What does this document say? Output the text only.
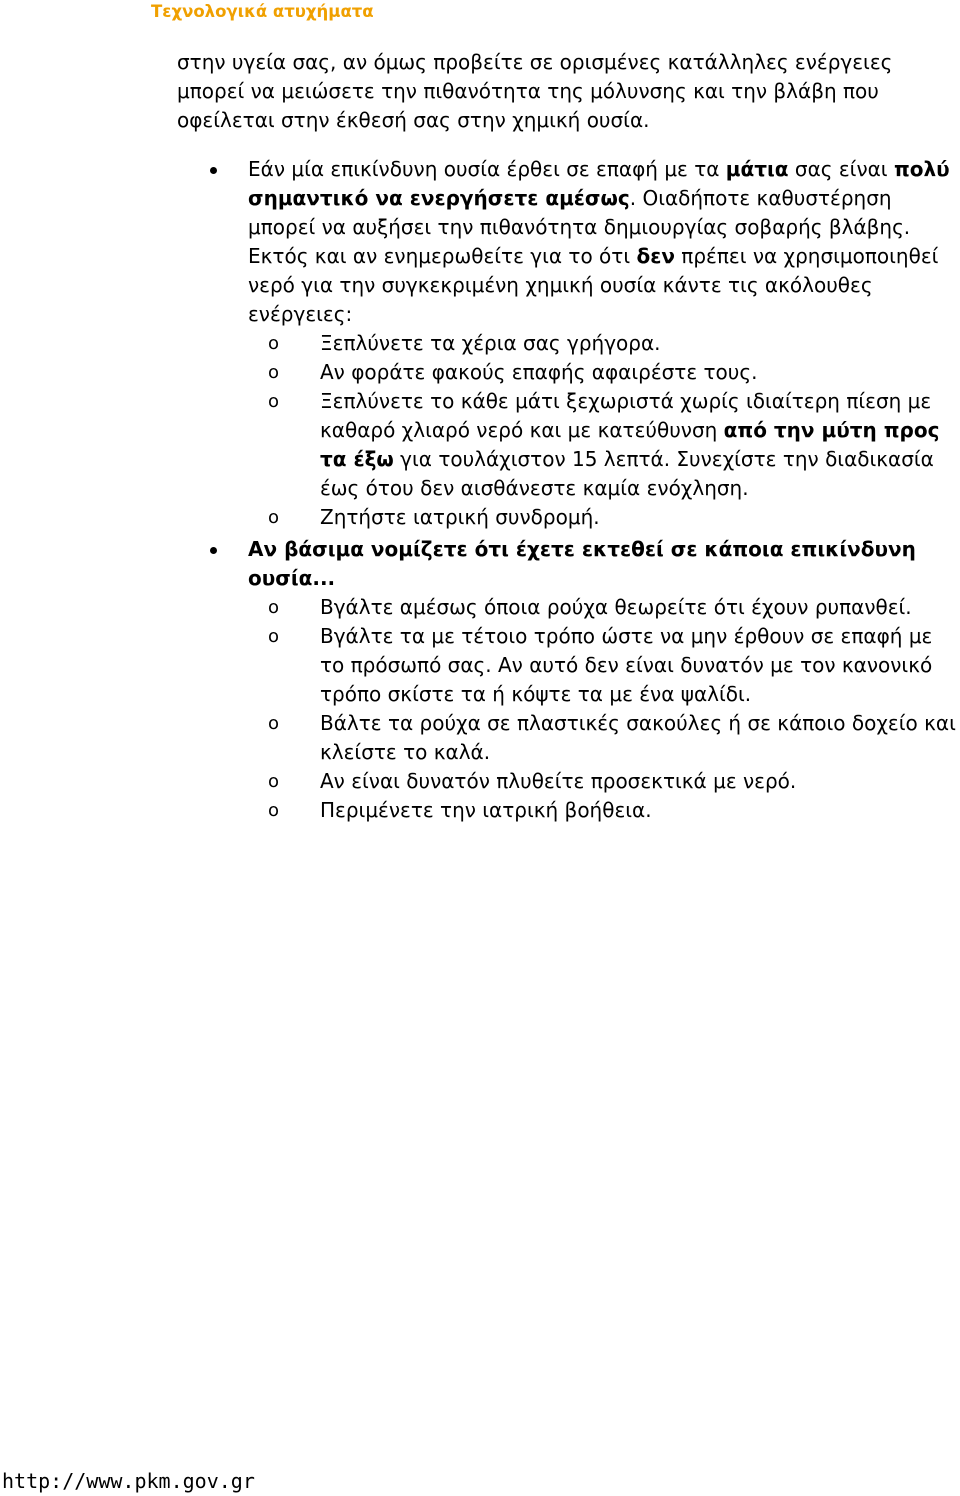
Τεχνολογικά ατυχήματα
στην υγεία σας, αν όμως προβείτε σε ορισμένες κατάλληλες ενέργειες μπορεί να μειώσετε την πιθανότητα της μόλυνσης και την βλάβη που οφείλεται στην έκθεσή σας στην χημική ουσία.
Εάν μία επικίνδυνη ουσία έρθει σε επαφή με τα μάτια σας είναι πολύ σημαντικό να ενεργήσετε αμέσως. Οιαδήποτε καθυστέρηση μπορεί να αυξήσει την πιθανότητα δημιουργίας σοβαρής βλάβης. Εκτός και αν ενημερωθείτε για το ότι δεν πρέπει να χρησιμοποιηθεί νερό για την συγκεκριμένη χημική ουσία κάντε τις ακόλουθες ενέργειες:
o Ξεπλύνετε τα χέρια σας γρήγορα.
o Αν φοράτε φακούς επαφής αφαιρέστε τους.
o Ξεπλύνετε το κάθε μάτι ξεχωριστά χωρίς ιδιαίτερη πίεση με καθαρό χλιαρό νερό και με κατεύθυνση από την μύτη προς τα έξω για τουλάχιστον 15 λεπτά. Συνεχίστε την διαδικασία έως ότου δεν αισθάνεστε καμία ενόχληση.
o Ζητήστε ιατρική συνδρομή.
Αν βάσιμα νομίζετε ότι έχετε εκτεθεί σε κάποια επικίνδυνη ουσία...
o Βγάλτε αμέσως όποια ρούχα θεωρείτε ότι έχουν ρυπανθεί.
o Βγάλτε τα με τέτοιο τρόπο ώστε να μην έρθουν σε επαφή με το πρόσωπό σας. Αν αυτό δεν είναι δυνατόν με τον κανονικό τρόπο σκίστε τα ή κόψτε τα με ένα ψαλίδι.
o Βάλτε τα ρούχα σε πλαστικές σακούλες ή σε κάποιο δοχείο και κλείστε το καλά.
o Αν είναι δυνατόν πλυθείτε προσεκτικά με νερό.
o Περιμένετε την ιατρική βοήθεια.
http://www.pkm.gov.gr
